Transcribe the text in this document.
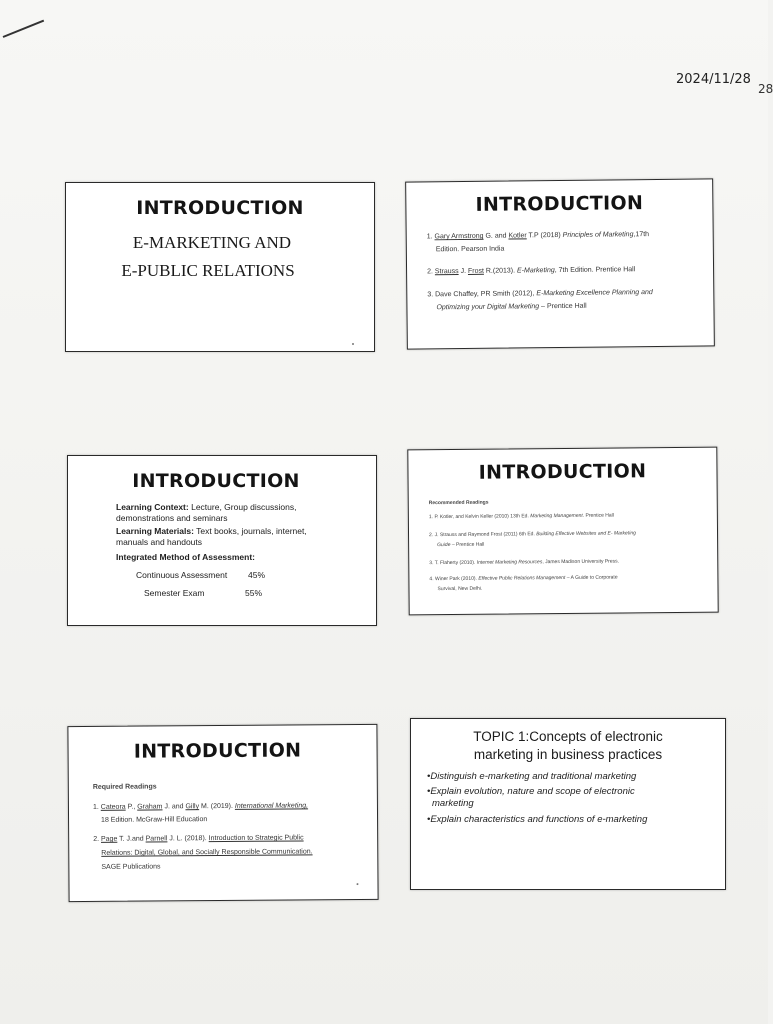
2024/11/28
28
INTRODUCTION
E-MARKETING AND
E-PUBLIC RELATIONS
INTRODUCTION
1. Gary Armstrong G. and Kotler T.P (2018) Principles of Marketing,17th
Edition. Pearson India
2. Strauss J. Frost R.(2013). E-Marketing, 7th Edition. Prentice Hall
3. Dave Chaffey, PR Smith (2012), E-Marketing Excellence Planning and
Optimizing your Digital Marketing – Prentice Hall
INTRODUCTION
Learning Context: Lecture, Group discussions,
demonstrations and seminars
Learning Materials: Text books, journals, internet,
manuals and handouts
Integrated Method of Assessment:
Continuous Assessment 45%
Semester Exam	55%
INTRODUCTION
Recommended Readings
1. P. Kotler, and Kelvin Keller (2010) 13th Ed. Marketing Management. Prentice Hall
2. J. Strauss and Raymond Frost (2011) 6th Ed. Building Effective Websites and E- Marketing
Guide – Prentice Hall
3. T. Flaherty (2010). Internet Marketing Resources, James Madison University Press.
4. Winer Park (2010). Effective Public Relations Management – A Guide to Corporate
Survival, New Delhi.
INTRODUCTION
Required Readings
1. Cateora P., Graham J. and Gilly M. (2019). International Marketing,
18 Edition. McGraw-Hill Education
2. Page T. J.and Parnell J. L. (2018). Introduction to Strategic Public
Relations: Digital, Global, and Socially Responsible Communication.
SAGE Publications
TOPIC 1:Concepts of electronic
marketing in business practices
•Distinguish e-marketing and traditional marketing
•Explain evolution, nature and scope of electronic
marketing
•Explain characteristics and functions of e-marketing
